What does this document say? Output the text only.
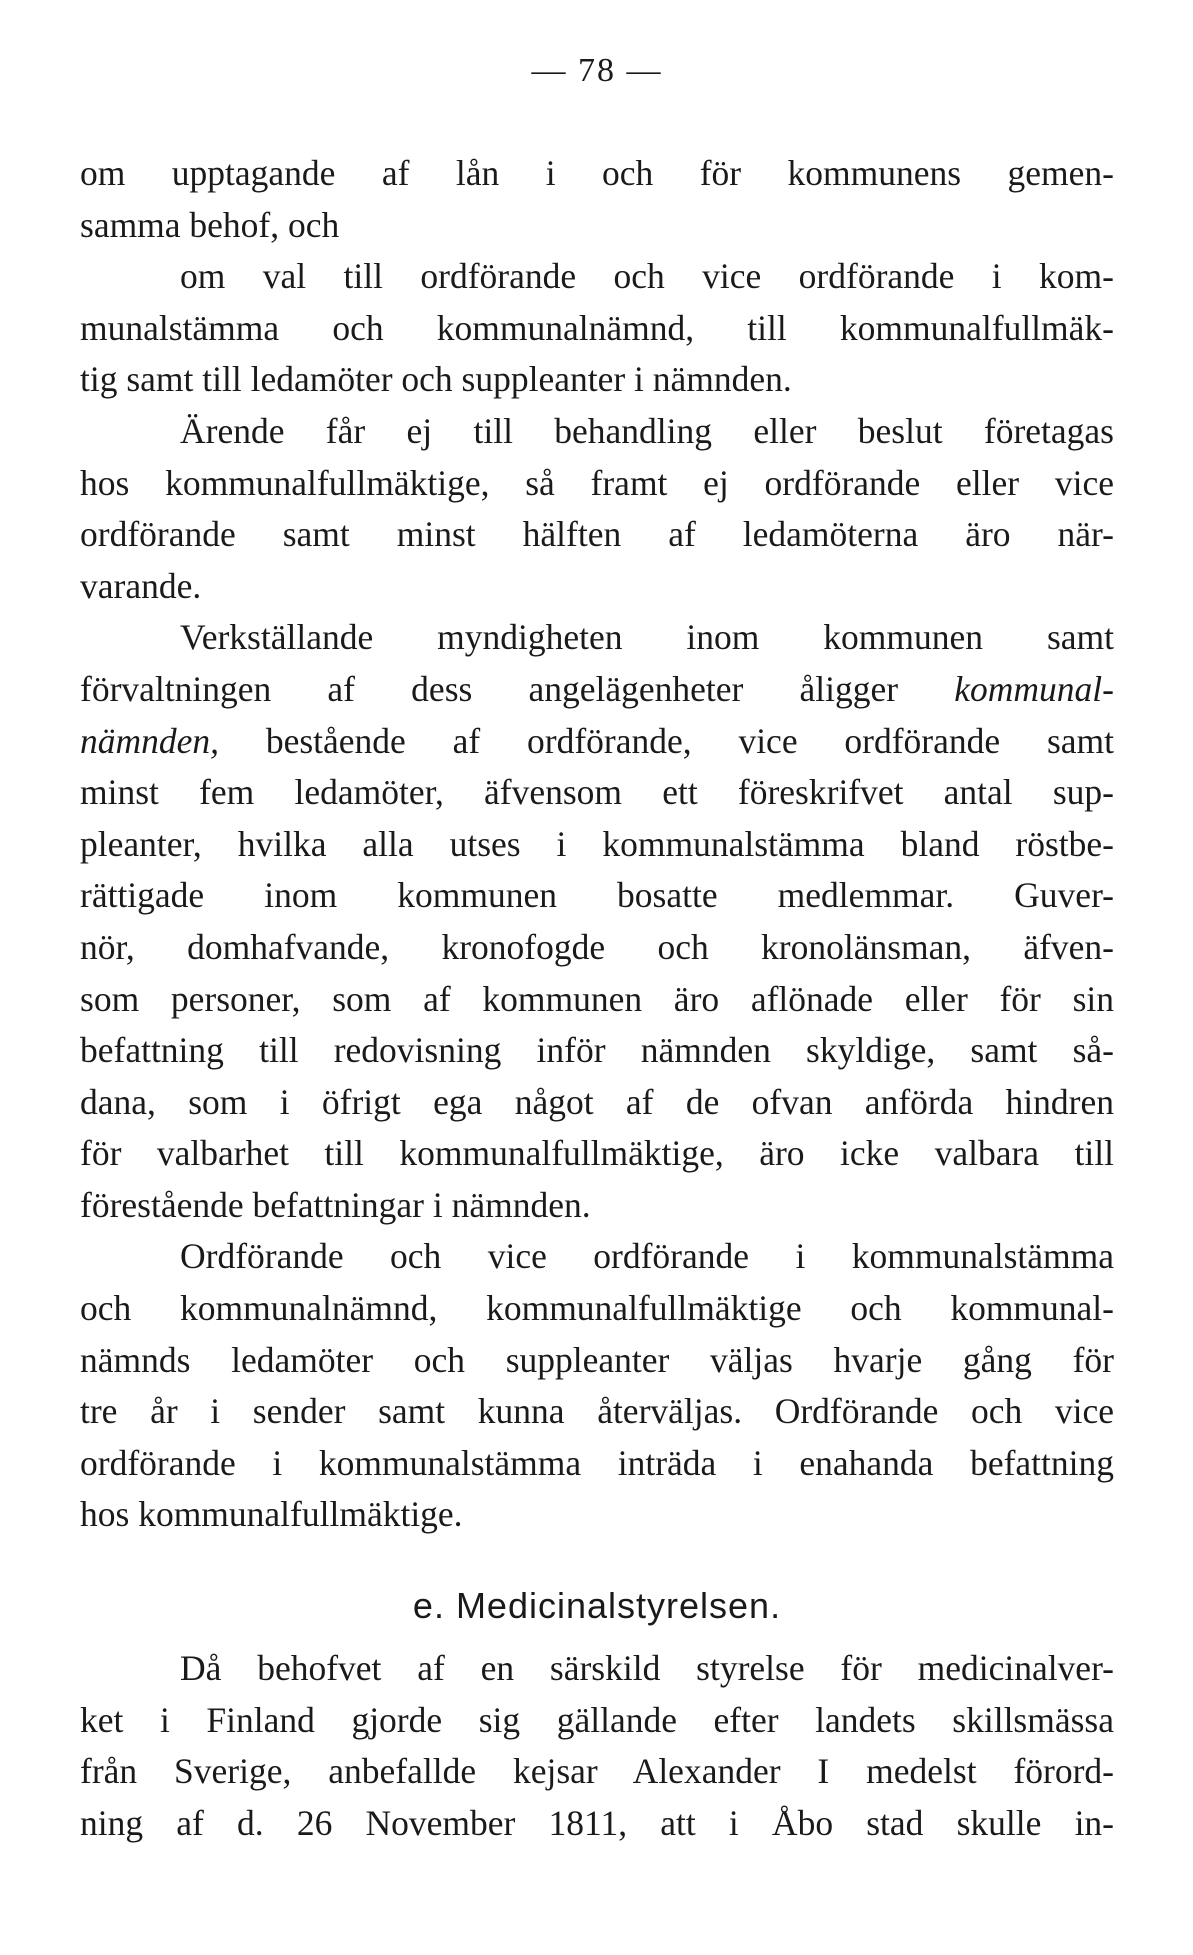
— 78 —
om upptagande af lån i och för kommunens gemen-
samma behof, och
om val till ordförande och vice ordförande i kom-
munalstämma och kommunalnämnd, till kommunalfullmäk-
tig samt till ledamöter och suppleanter i nämnden.
Ärende får ej till behandling eller beslut företagas
hos kommunalfullmäktige, så framt ej ordförande eller vice
ordförande samt minst hälften af ledamöterna äro när-
varande.
Verkställande myndigheten inom kommunen samt
förvaltningen af dess angelägenheter åligger kommunal-
nämnden, bestående af ordförande, vice ordförande samt
minst fem ledamöter, äfvensom ett föreskrifvet antal sup-
pleanter, hvilka alla utses i kommunalstämma bland röstbe-
rättigade inom kommunen bosatte medlemmar. Guver-
nör, domhafvande, kronofogde och kronolänsman, äfven-
som personer, som af kommunen äro aflönade eller för sin
befattning till redovisning inför nämnden skyldige, samt så-
dana, som i öfrigt ega något af de ofvan anförda hindren
för valbarhet till kommunalfullmäktige, äro icke valbara till
förestående befattningar i nämnden.
Ordförande och vice ordförande i kommunalstämma
och kommunalnämnd, kommunalfullmäktige och kommunal-
nämnds ledamöter och suppleanter väljas hvarje gång för
tre år i sender samt kunna återväljas. Ordförande och vice
ordförande i kommunalstämma inträda i enahanda befattning
hos kommunalfullmäktige.
e. Medicinalstyrelsen.
Då behofvet af en särskild styrelse för medicinalver-
ket i Finland gjorde sig gällande efter landets skillsmässa
från Sverige, anbefallde kejsar Alexander I medelst förord-
ning af d. 26 November 1811, att i Åbo stad skulle in-
